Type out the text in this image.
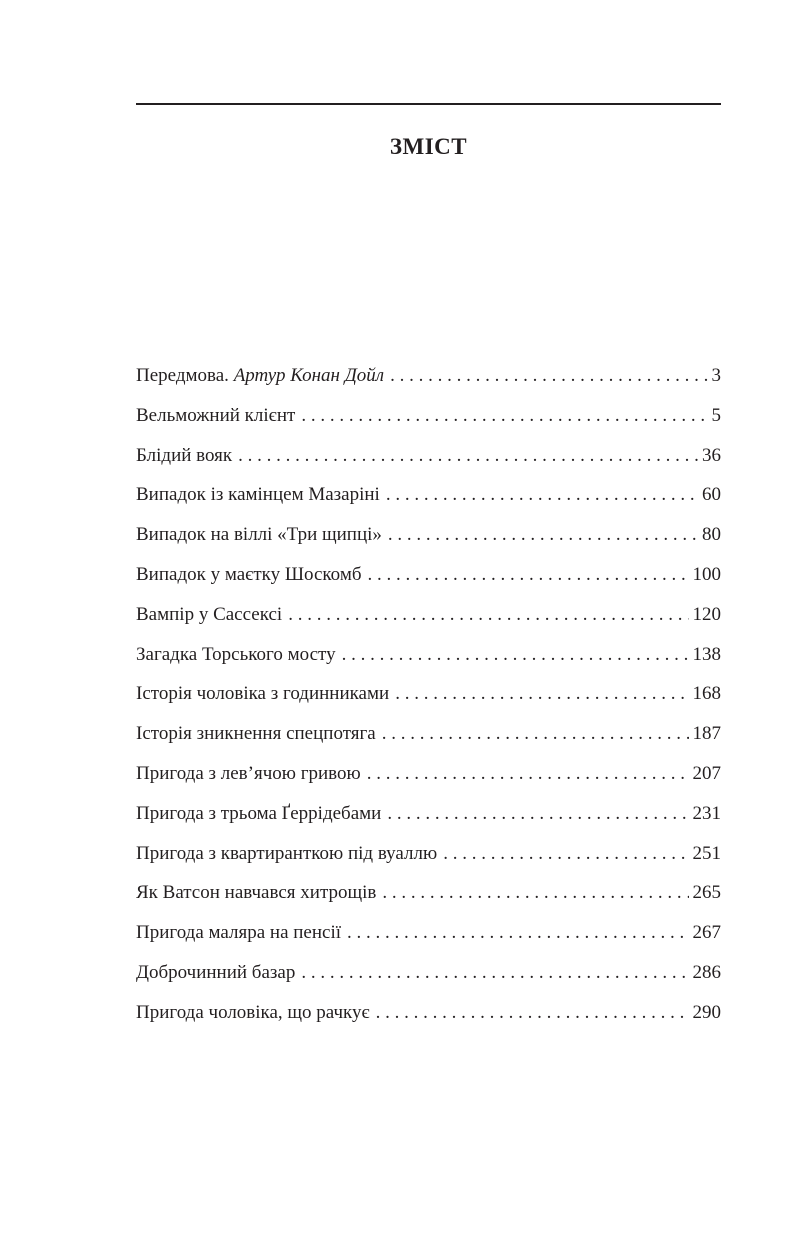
ЗМІСТ
Передмова. Артур Конан Дойл . . .	3
Вельможний клієнт . . .	5
Блідий вояк . . .	36
Випадок із камінцем Мазаріні . . .	60
Випадок на віллі «Три щипці» . . .	80
Випадок у маєтку Шоскомб . . .	100
Вампір у Сассексі . . .	120
Загадка Торського мосту . . .	138
Історія чоловіка з годинниками . . .	168
Історія зникнення спецпотяга . . .	187
Пригода з лев’ячою гривою . . .	207
Пригода з трьома Ґеррідебами . . .	231
Пригода з квартиранткою під вуаллю . . .	251
Як Ватсон навчався хитрощів . . .	265
Пригода маляра на пенсії . . .	267
Доброчинний базар . . .	286
Пригода чоловіка, що рачкує . . .	290
